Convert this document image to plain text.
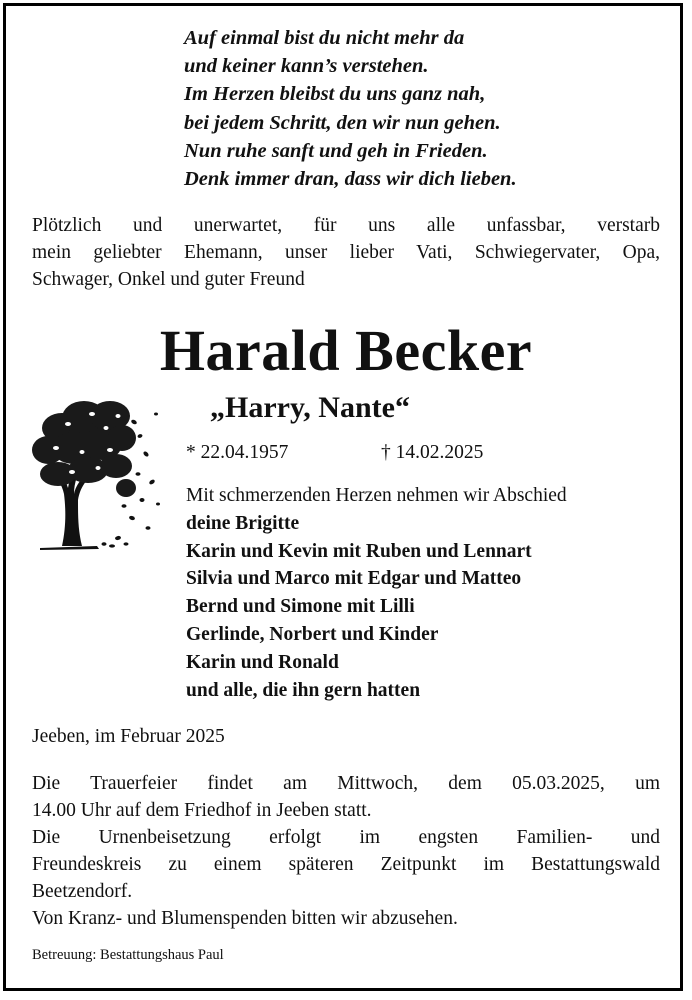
Auf einmal bist du nicht mehr da
und keiner kann’s verstehen.
Im Herzen bleibst du uns ganz nah,
bei jedem Schritt, den wir nun gehen.
Nun ruhe sanft und geh in Frieden.
Denk immer dran, dass wir dich lieben.
Plötzlich und unerwartet, für uns alle unfassbar, verstarb
mein geliebter Ehemann, unser lieber Vati, Schwiegervater, Opa,
Schwager, Onkel und guter Freund
Harald Becker
„Harry, Nante“
* 22.04.1957	† 14.02.2025
Mit schmerzenden Herzen nehmen wir Abschied
deine Brigitte
Karin und Kevin mit Ruben und Lennart
Silvia und Marco mit Edgar und Matteo
Bernd und Simone mit Lilli
Gerlinde, Norbert und Kinder
Karin und Ronald
und alle, die ihn gern hatten
Jeeben, im Februar 2025
Die Trauerfeier findet am Mittwoch, dem 05.03.2025, um
14.00 Uhr auf dem Friedhof in Jeeben statt.
Die Urnenbeisetzung erfolgt im engsten Familien- und
Freundeskreis zu einem späteren Zeitpunkt im Bestattungswald
Beetzendorf.
Von Kranz- und Blumenspenden bitten wir abzusehen.
Betreuung: Bestattungshaus Paul
